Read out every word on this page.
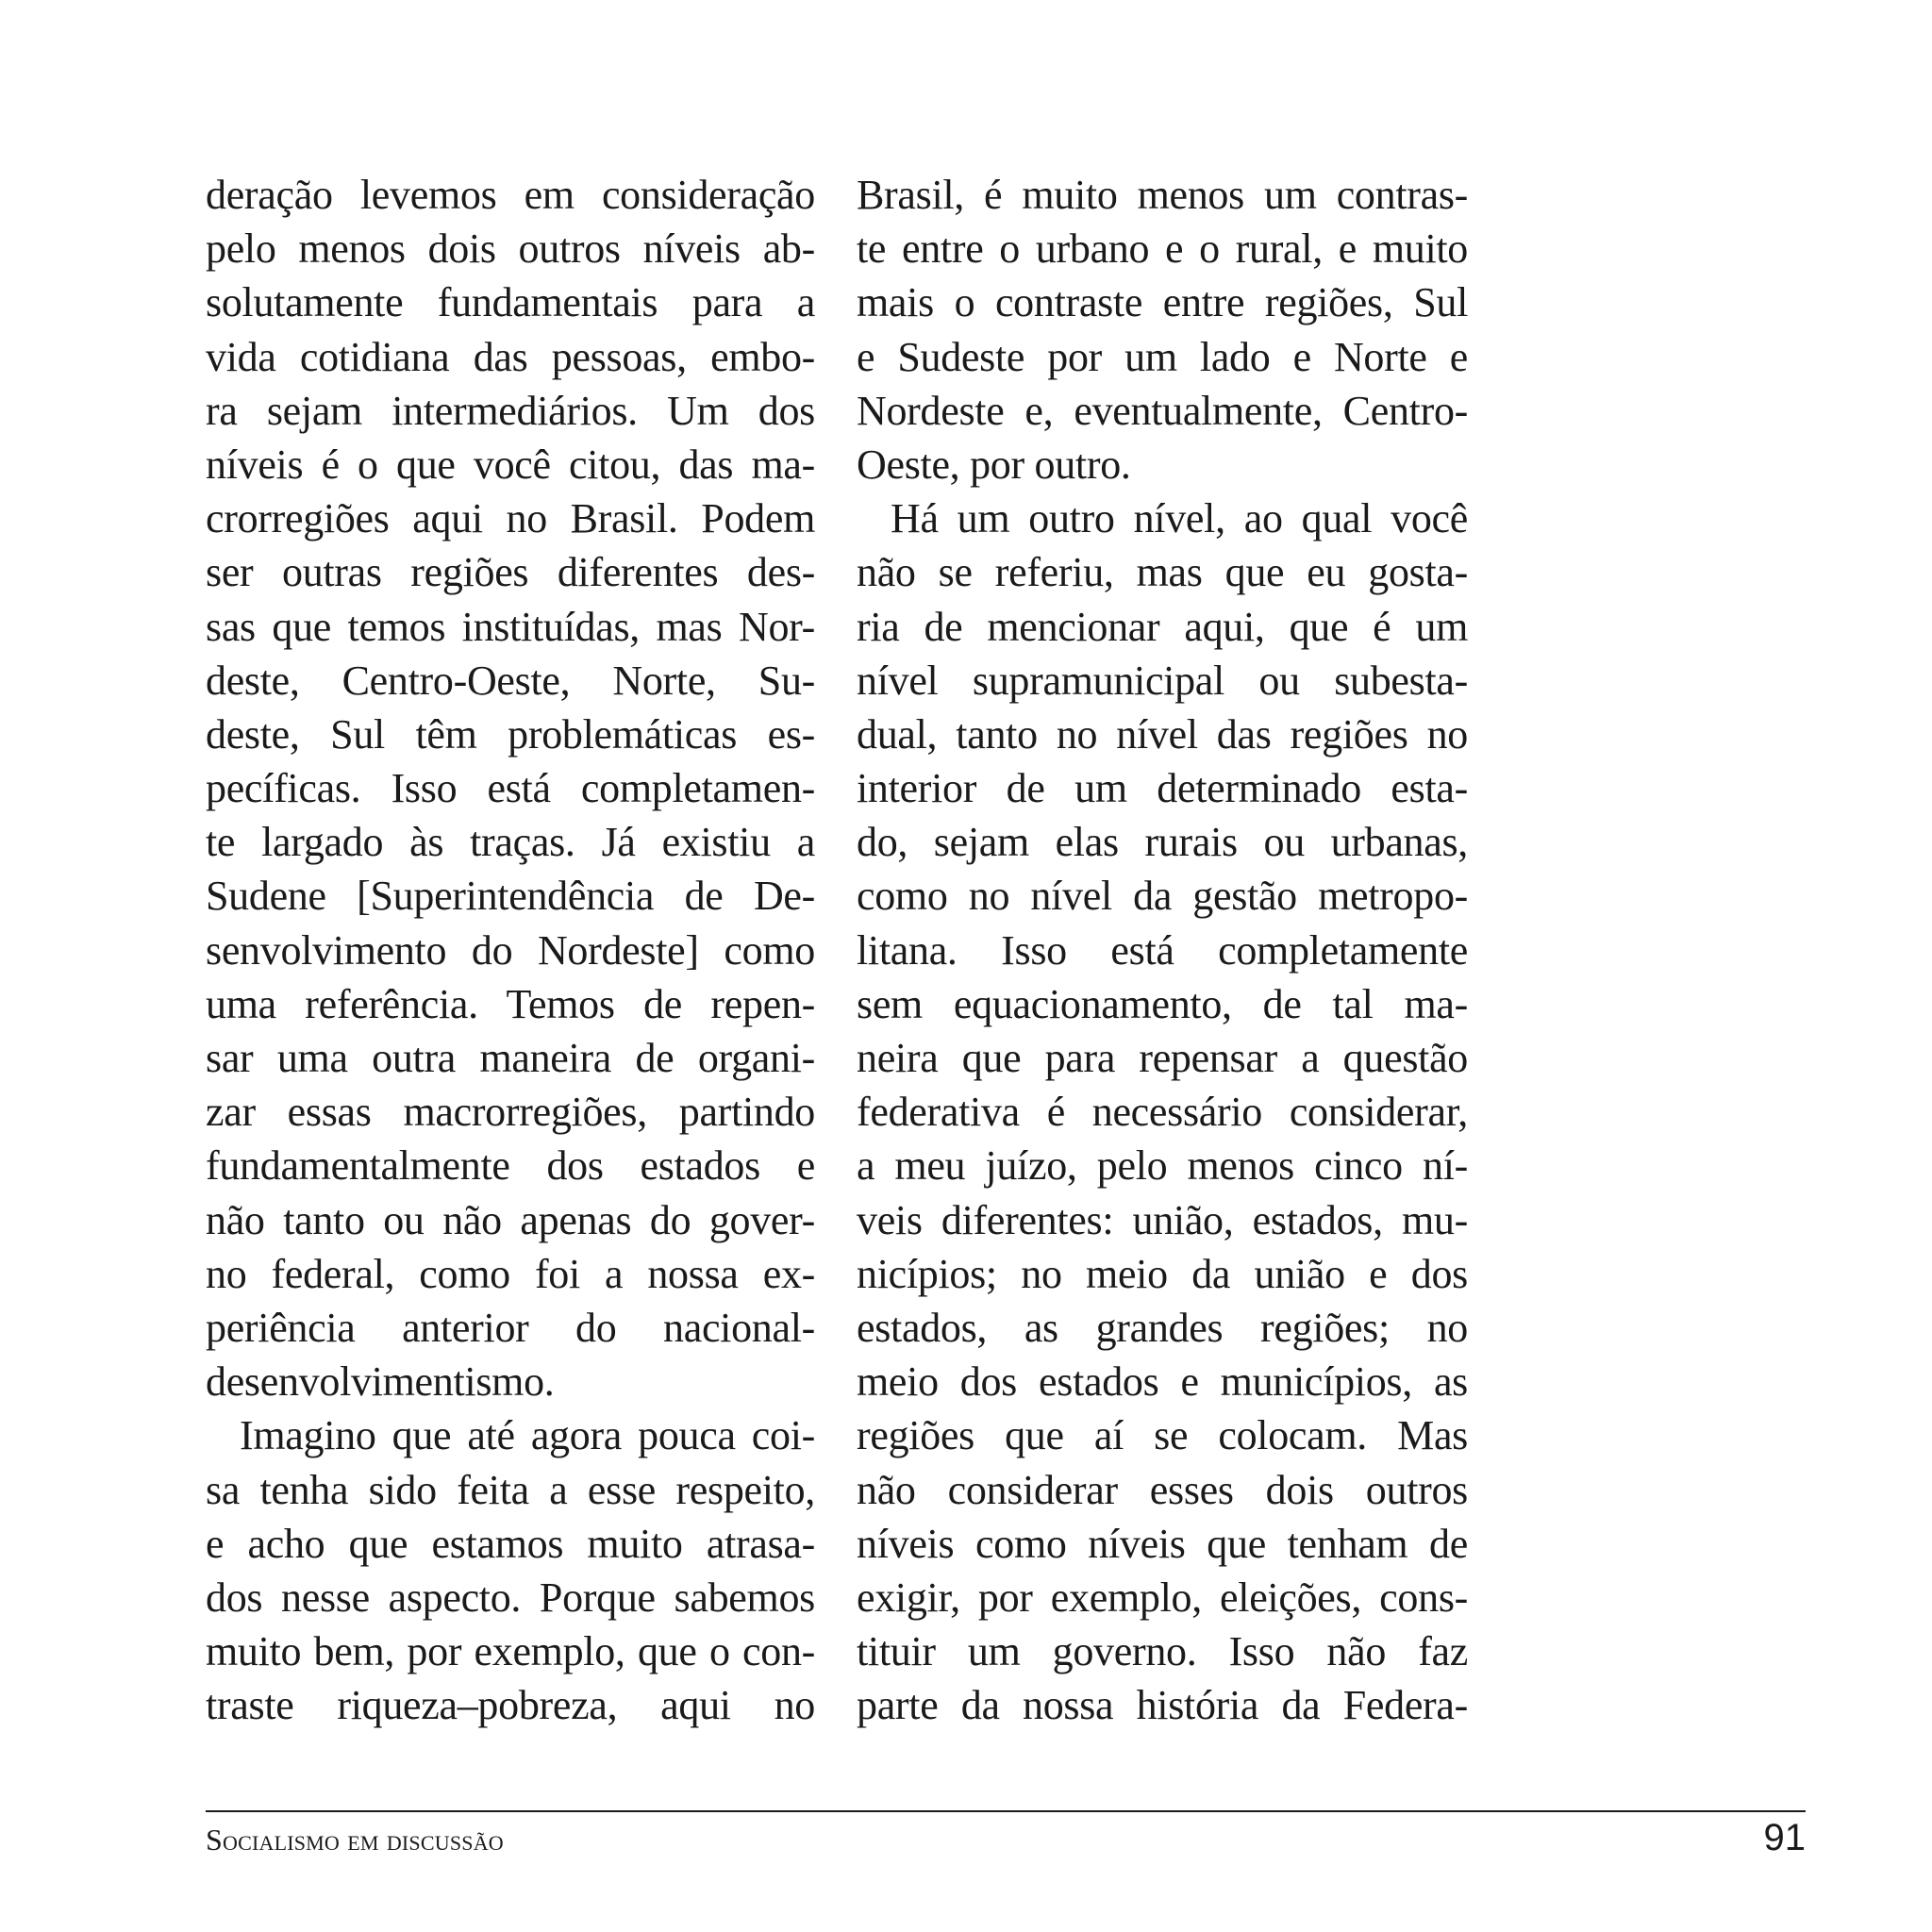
deração levemos em consideração
pelo menos dois outros níveis ab-
solutamente fundamentais para a
vida cotidiana das pessoas, embo-
ra sejam intermediários. Um dos
níveis é o que você citou, das ma-
crorregiões aqui no Brasil. Podem
ser outras regiões diferentes des-
sas que temos instituídas, mas Nor-
deste, Centro-Oeste, Norte, Su-
deste, Sul têm problemáticas es-
pecíficas. Isso está completamen-
te largado às traças. Já existiu a
Sudene [Superintendência de De-
senvolvimento do Nordeste] como
uma referência. Temos de repen-
sar uma outra maneira de organi-
zar essas macrorregiões, partindo
fundamentalmente dos estados e
não tanto ou não apenas do gover-
no federal, como foi a nossa ex-
periência anterior do nacional-
desenvolvimentismo.
Imagino que até agora pouca coi-
sa tenha sido feita a esse respeito,
e acho que estamos muito atrasa-
dos nesse aspecto. Porque sabemos
muito bem, por exemplo, que o con-
traste riqueza–pobreza, aqui no
Brasil, é muito menos um contras-
te entre o urbano e o rural, e muito
mais o contraste entre regiões, Sul
e Sudeste por um lado e Norte e
Nordeste e, eventualmente, Centro-
Oeste, por outro.
Há um outro nível, ao qual você
não se referiu, mas que eu gosta-
ria de mencionar aqui, que é um
nível supramunicipal ou subesta-
dual, tanto no nível das regiões no
interior de um determinado esta-
do, sejam elas rurais ou urbanas,
como no nível da gestão metropo-
litana. Isso está completamente
sem equacionamento, de tal ma-
neira que para repensar a questão
federativa é necessário considerar,
a meu juízo, pelo menos cinco ní-
veis diferentes: união, estados, mu-
nicípios; no meio da união e dos
estados, as grandes regiões; no
meio dos estados e municípios, as
regiões que aí se colocam. Mas
não considerar esses dois outros
níveis como níveis que tenham de
exigir, por exemplo, eleições, cons-
tituir um governo. Isso não faz
parte da nossa história da Federa-
Socialismo em discussão	91
